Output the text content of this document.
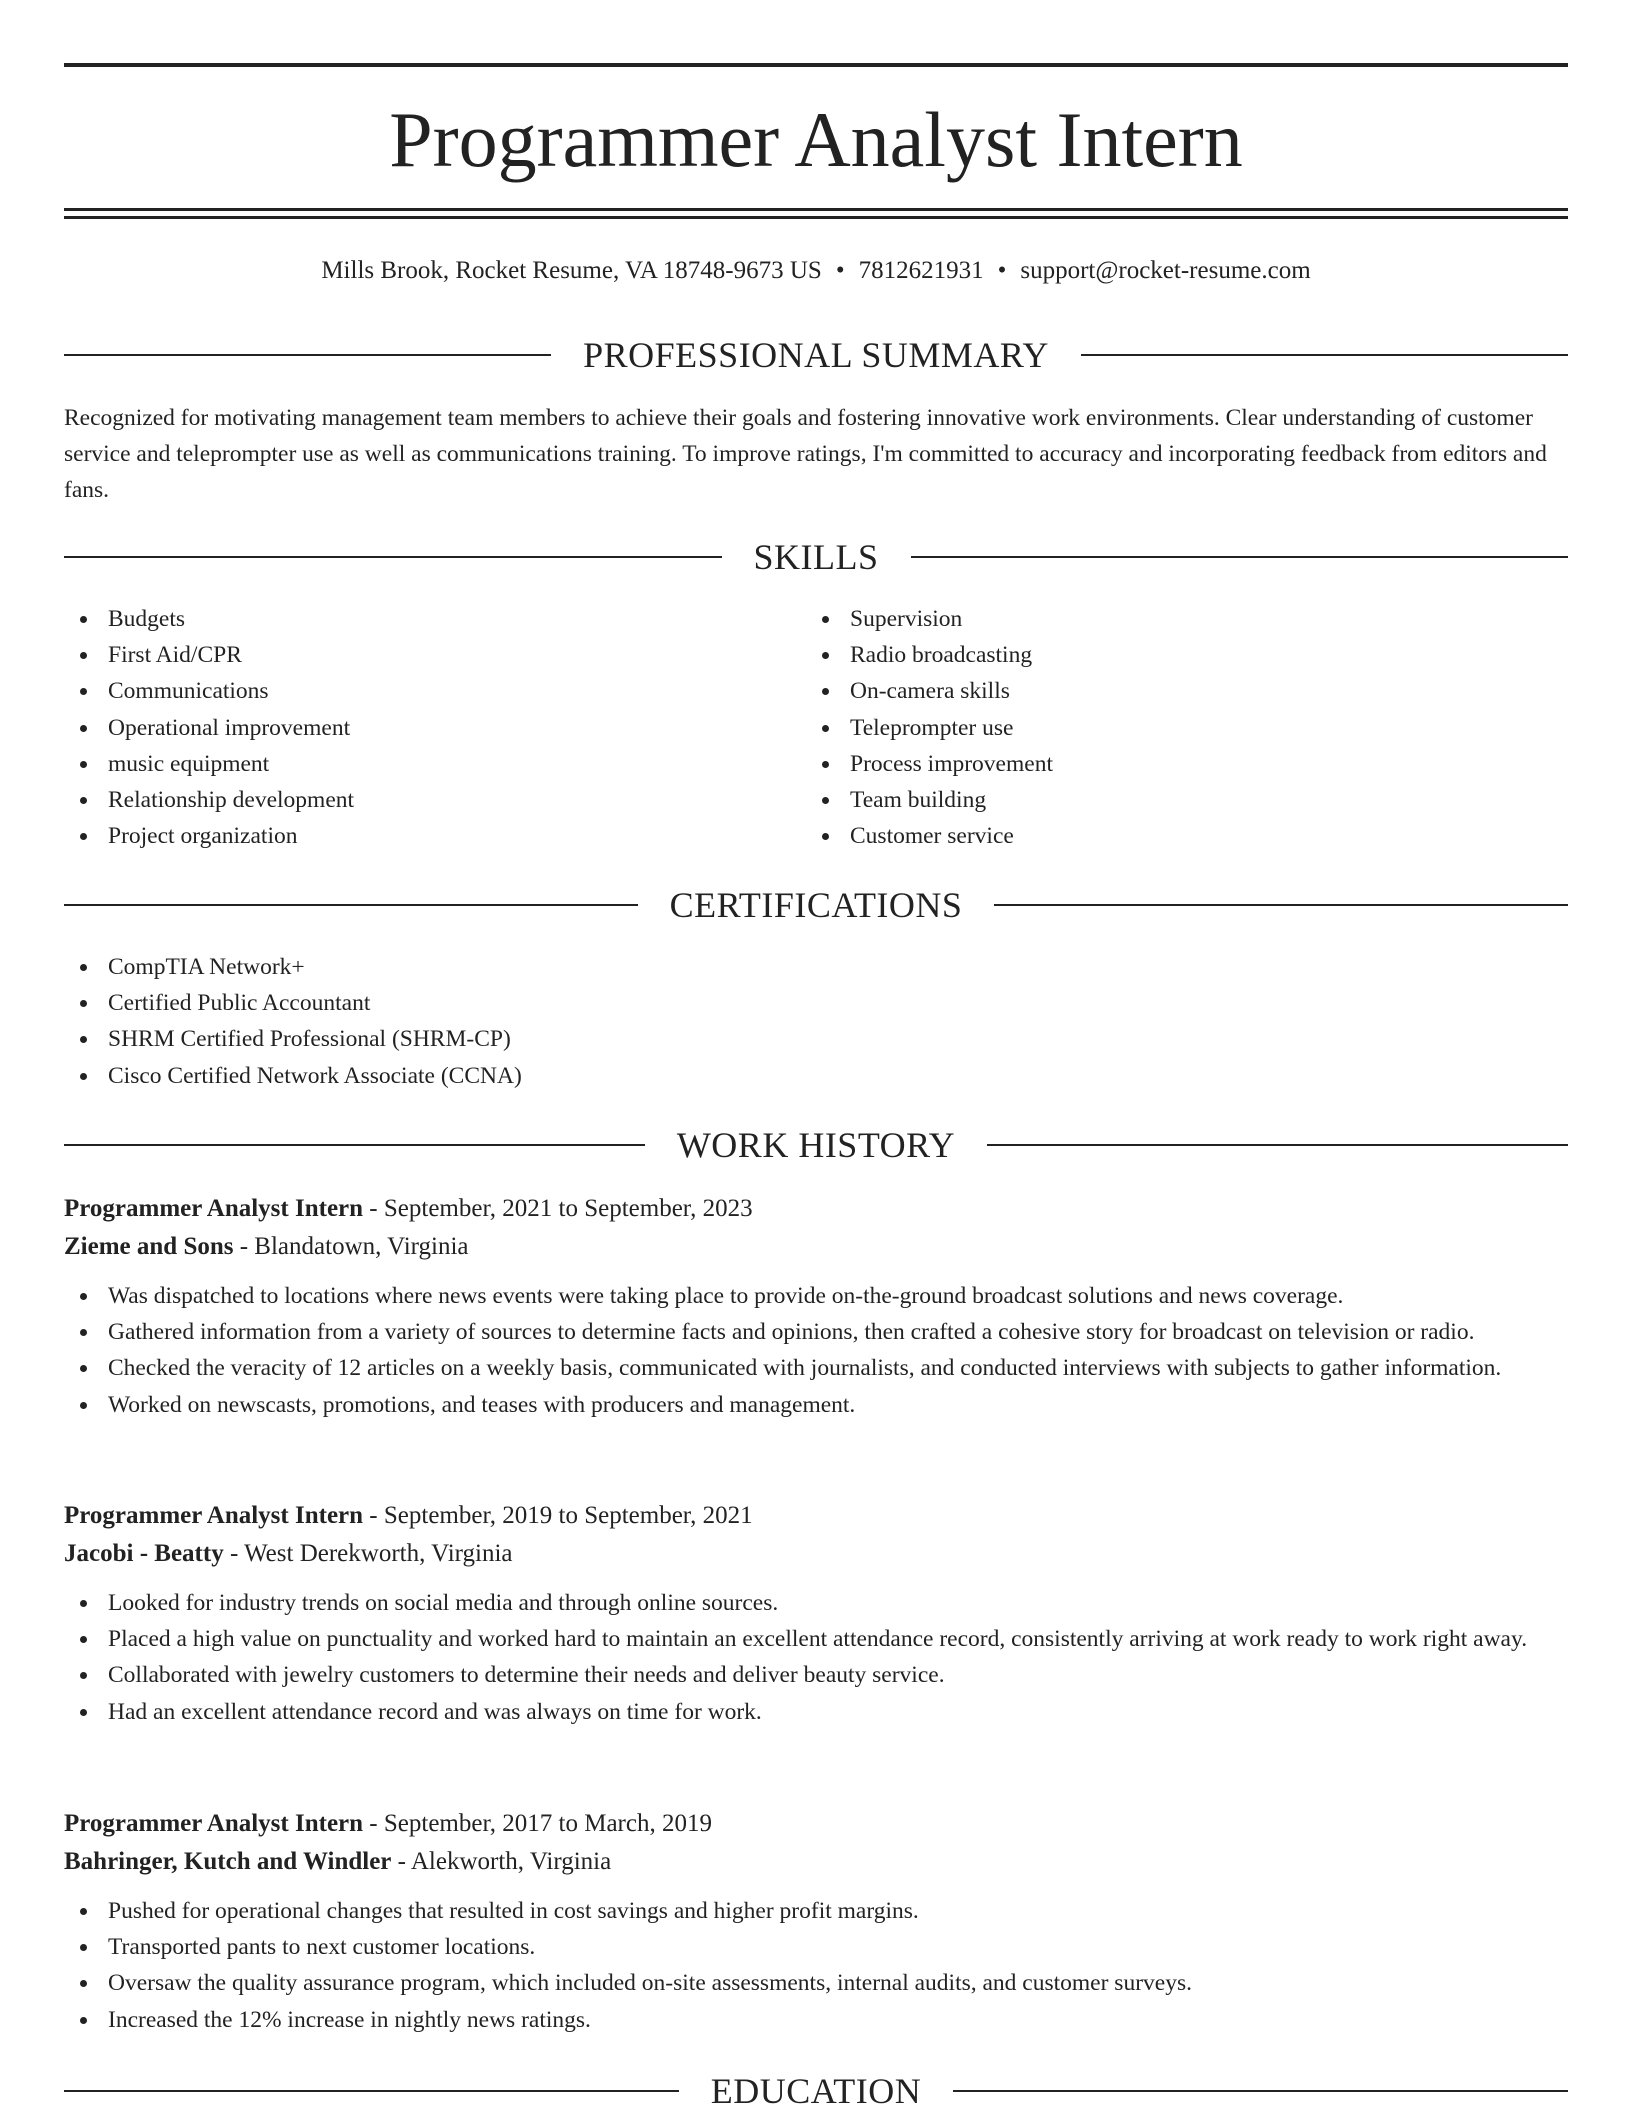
Programmer Analyst Intern
Mills Brook, Rocket Resume, VA 18748-9673 US • 7812621931 • support@rocket-resume.com
PROFESSIONAL SUMMARY

Recognized for motivating management team members to achieve their goals and fostering innovative work environments. Clear understanding of customer service and teleprompter use as well as communications training. To improve ratings, I'm committed to accuracy and incorporating feedback from editors and fans.

SKILLS
Budgets
First Aid/CPR
Communications
Operational improvement
music equipment
Relationship development
Project organization
Supervision
Radio broadcasting
On-camera skills
Teleprompter use
Process improvement
Team building
Customer service
CERTIFICATIONS
CompTIA Network+
Certified Public Accountant
SHRM Certified Professional (SHRM-CP)
Cisco Certified Network Associate (CCNA)
WORK HISTORY
Programmer Analyst Intern - September, 2021 to September, 2023
Zieme and Sons - Blandatown, Virginia
Was dispatched to locations where news events were taking place to provide on-the-ground broadcast solutions and news coverage.
Gathered information from a variety of sources to determine facts and opinions, then crafted a cohesive story for broadcast on television or radio.
Checked the veracity of 12 articles on a weekly basis, communicated with journalists, and conducted interviews with subjects to gather information.
Worked on newscasts, promotions, and teases with producers and management.
Programmer Analyst Intern - September, 2019 to September, 2021
Jacobi - Beatty - West Derekworth, Virginia
Looked for industry trends on social media and through online sources.
Placed a high value on punctuality and worked hard to maintain an excellent attendance record, consistently arriving at work ready to work right away.
Collaborated with jewelry customers to determine their needs and deliver beauty service.
Had an excellent attendance record and was always on time for work.
Programmer Analyst Intern - September, 2017 to March, 2019
Bahringer, Kutch and Windler - Alekworth, Virginia
Pushed for operational changes that resulted in cost savings and higher profit margins.
Transported pants to next customer locations.
Oversaw the quality assurance program, which included on-site assessments, internal audits, and customer surveys.
Increased the 12% increase in nightly news ratings.
EDUCATION
